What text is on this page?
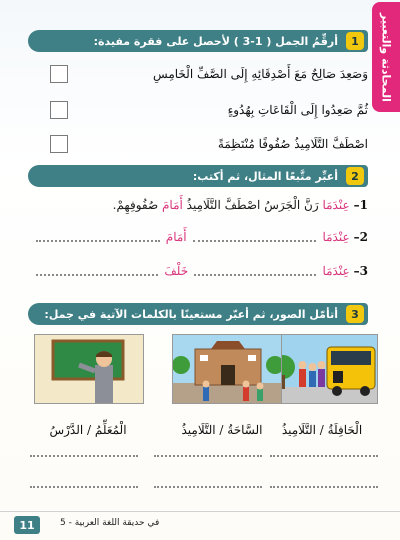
المحادثة والتعبير
1
أرقِّمُ الجمل ( 1-3 ) لأحصل على فقرة مفيدة:
وَصَعِدَ صَالِحٌ مَعَ أَصْدِقَائِهِ إِلَى الصَّفِّ الْخَامِسِ
ثُمَّ صَعِدُوا إِلَى الْقَاعَاتِ بِهُدُوءٍ
اصْطَفَّ التَّلَامِيذُ صُفُوفًا مُنْتَظِمَةً
2
أعبِّر متَّبعًا المثال، ثم أكتب:
1–
عِنْدَمَا

رَنَّ الْجَرَسُ اصْطَفَّ التَّلَامِيذُ

أَمَامَ

صُفُوفِهِمْ.
2–
عِنْدَمَا
أَمَامَ
3–
عِنْدَمَا
خَلْفَ
3
أتأمّل الصور، ثم أعبّر مستعينًا بالكلمات الآتية في جمل:
الْحَافِلَةُ / التَّلَامِيذُ
السَّاحَةُ / التَّلَامِيذُ
الْمُعَلِّمُ / الدَّرْسُ
11	في حديقة اللغة العربية - 5
